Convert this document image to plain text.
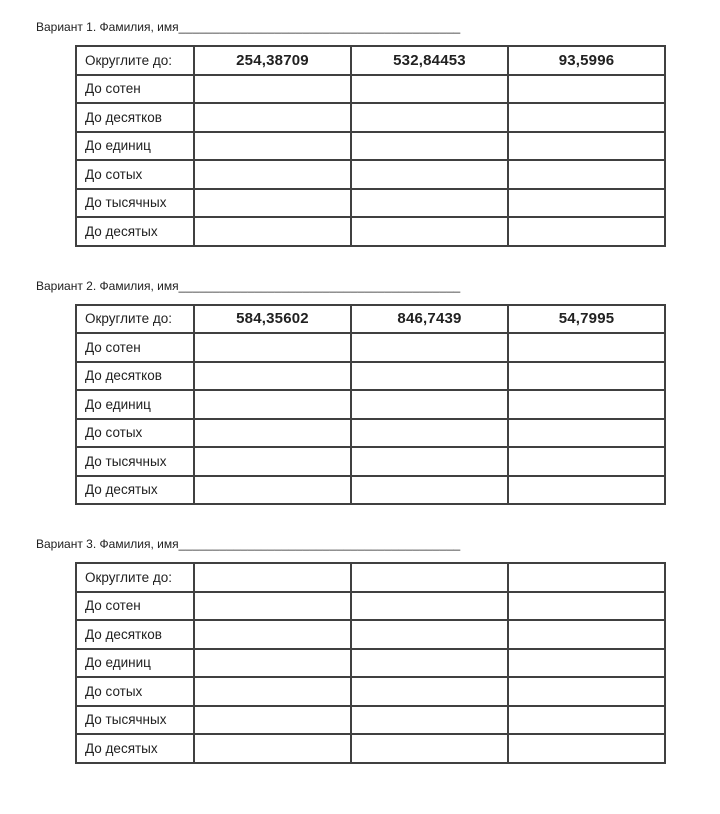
Вариант 1. Фамилия, имя_________________________________________

Округлите до:	254,38709	532,84453	93,5996
До сотен			
До десятков			
До единиц			
До сотых			
До тысячных			
До десятых			

Вариант 2. Фамилия, имя_________________________________________

Округлите до:	584,35602	846,7439	54,7995
До сотен			
До десятков			
До единиц			
До сотых			
До тысячных			
До десятых			

Вариант 3. Фамилия, имя_________________________________________

Округлите до:			
До сотен			
До десятков			
До единиц			
До сотых			
До тысячных			
До десятых			
